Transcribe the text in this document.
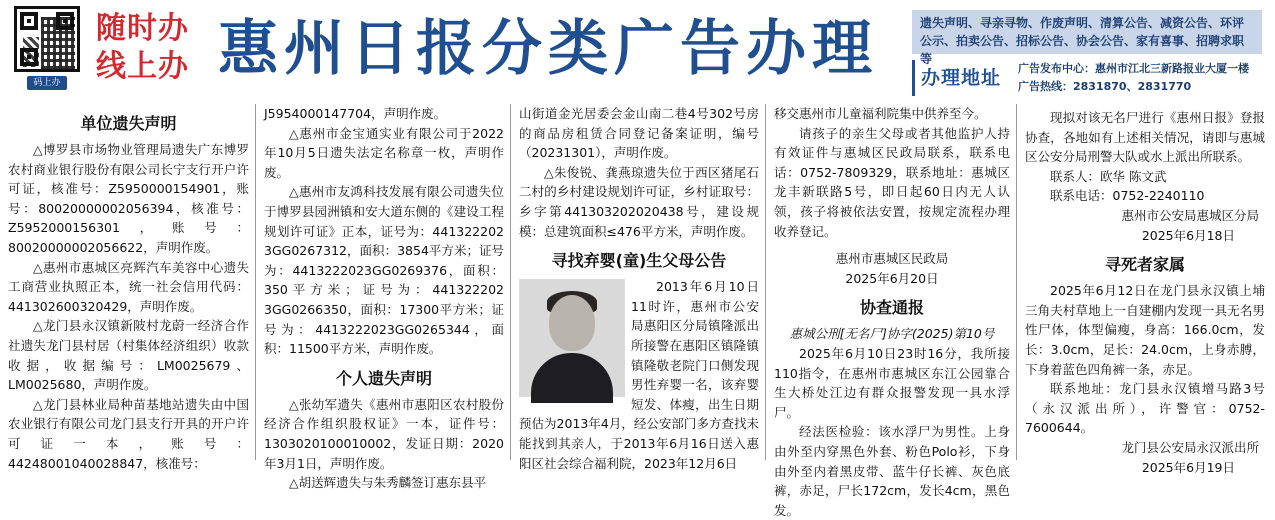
码上办
随时办
线上办 惠州日报分类广告办理	遗失声明、寻亲寻物、作废声明、清算公告、减资公告、环评公示、拍卖公告、招标公告、协会公告、家有喜事、招聘求职等
办理地址	广告发布中心：惠州市江北三新路报业大厦一楼
广告热线：2831870、2831770
单位遗失声明

△博罗县市场物业管理局遗失广东博罗农村商业银行股份有限公司长宁支行开户许可证，核准号：Z5950000154901，账号：80020000002056394，核准号：Z5952000156301，账号：80020000002056622，声明作废。

△惠州市惠城区亮辉汽车美容中心遗失工商营业执照正本，统一社会信用代码：441302600320429，声明作废。

△龙门县永汉镇新陂村龙蔚一经济合作社遗失龙门县村居（村集体经济组织）收款收据，收据编号：LM0025679、LM0025680，声明作废。

△龙门县林业局种苗基地站遗失由中国农业银行有限公司龙门县支行开具的开户许可证一本，账号：44248001040028847，核准号：

J5954000147704，声明作废。

△惠州市金宝通实业有限公司于2022年10月5日遗失法定名称章一枚，声明作废。

△惠州市友鸿科技发展有限公司遗失位于博罗县园洲镇和安大道东侧的《建设工程规划许可证》正本，证号为：441322202​3GG0267312，面积：3854平方米；证号为：441322202​3GG0269376，面积：350平方米；证号为：441322202​3GG0266350，面积：17300平方米；证号为：441322202​3GG0265344，面积：11500平方米，声明作废。

个人遗失声明

△张幼军遗失《惠州市惠阳区农村股份经济合作组织股权证》一本，证件号：1303020100010002，发证日期：2020年3月1日，声明作废。

△胡送辉遗失与朱秀麟签订惠东县平

山街道金光居委会金山南二巷4号302号房的商品房租赁合同登记备案证明，编号（20231301），声明作废。

△朱俊锐、龚燕琼遗失位于西区猪尾石二村的乡村建设规划许可证，乡村证取号：乡字第441303202020438号，建设规模：总建筑面积≤476平方米，声明作废。

寻找弃婴(童)生父母公告

2013年6月10日11时许，惠州市公安局惠阳区分局镇隆派出所接警在惠阳区镇隆镇镇隆敬老院门口侧发现男性弃婴一名，该弃婴短发、体瘦，出生日期预估为2013年4月，经公安部门多方查找未能找到其亲人，于2013年6月16日送入惠阳区社会综合福利院，2023年12月6日

移交惠州市儿童福利院集中供养至今。

请孩子的亲生父母或者其他监护人持有效证件与惠城区民政局联系，联系电话：0752-7809329，联系地址：惠城区龙丰新联路5号，即日起60日内无人认领，孩子将被依法安置，按规定流程办理收养登记。

惠州市惠城区民政局
2025年6月20日
协查通报
惠城公刑[无名尸]协字(2025)第10号

2025年6月10日23时16分，我所接110指令，在惠州市惠城区东江公园靠合生大桥处江边有群众报警发现一具水浮尸。

经法医检验：该水浮尸为男性。上身由外至内穿黑色外套、粉色Polo衫，下身由外至内着黑皮带、蓝牛仔长裤、灰色底裤，赤足，尸长172cm，发长4cm，黑色发。

现拟对该无名尸进行《惠州日报》登报协查，各地如有上述相关情况，请即与惠城区公安分局刑警大队或水上派出所联系。

联系人：欧华 陈文武

联系电话：0752-2240110

惠州市公安局惠城区分局
2025年6月18日
寻死者家属

2025年6月12日在龙门县永汉镇上埔三角夫村草地上一自建棚内发现一具无名男性尸体，体型偏瘦，身高：166.0cm，发长：3.0cm，足长：24.0cm，上身赤膊，下身着蓝色四角裤一条，赤足。

联系地址：龙门县永汉镇增马路3号（永汉派出所），许警官：0752-7600644。

龙门县公安局永汉派出所
2025年6月19日
